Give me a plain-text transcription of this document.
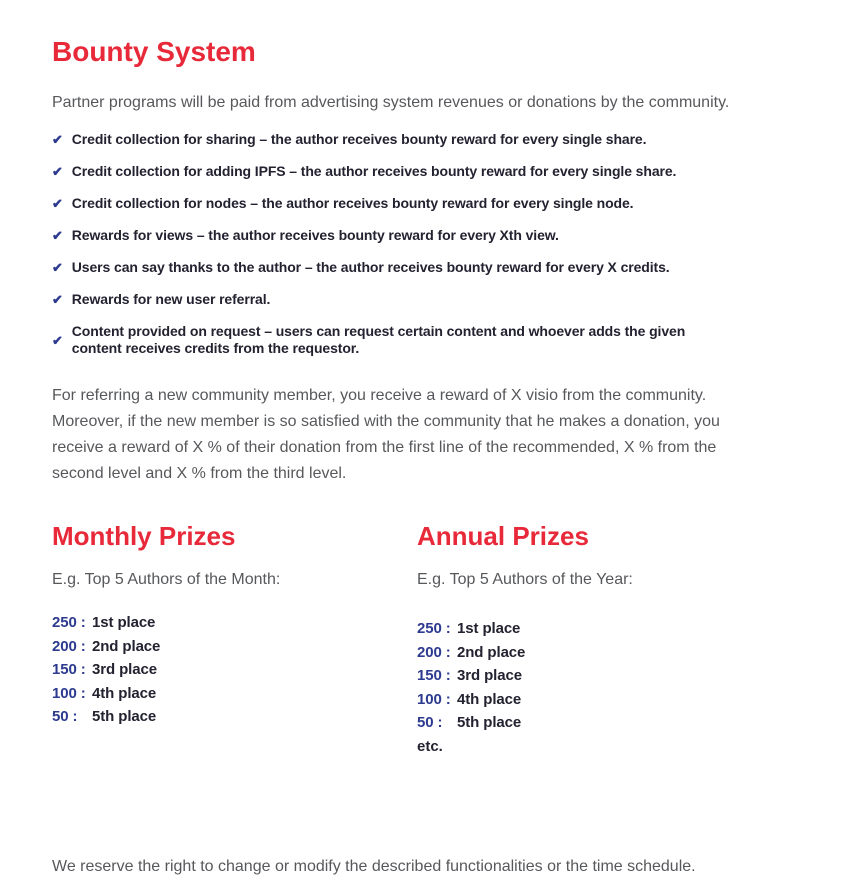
Bounty System

Partner programs will be paid from advertising system revenues or donations by the community.

✔ Credit collection for sharing – the author receives bounty reward for every single share.
✔ Credit collection for adding IPFS – the author receives bounty reward for every single share.
✔ Credit collection for nodes – the author receives bounty reward for every single node.
✔ Rewards for views – the author receives bounty reward for every Xth view.
✔ Users can say thanks to the author – the author receives bounty reward for every X credits.
✔ Rewards for new user referral.
✔
Content provided on request – users can request certain content and whoever adds the given content receives credits from the requestor.

For referring a new community member, you receive a reward of X visio from the community. Moreover, if the new member is so satisfied with the community that he makes a donation, you receive a reward of X % of their donation from the first line of the recommended, X % from the second level and X % from the third level.

Monthly Prizes

E.g. Top 5 Authors of the Month:

250 : 1st place
200 : 2nd place
150 : 3rd place
100 : 4th place
50 : 5th place
Annual Prizes

E.g. Top 5 Authors of the Year:

250 : 1st place
200 : 2nd place
150 : 3rd place
100 : 4th place
50 : 5th place
etc.

We reserve the right to change or modify the described functionalities or the time schedule.
